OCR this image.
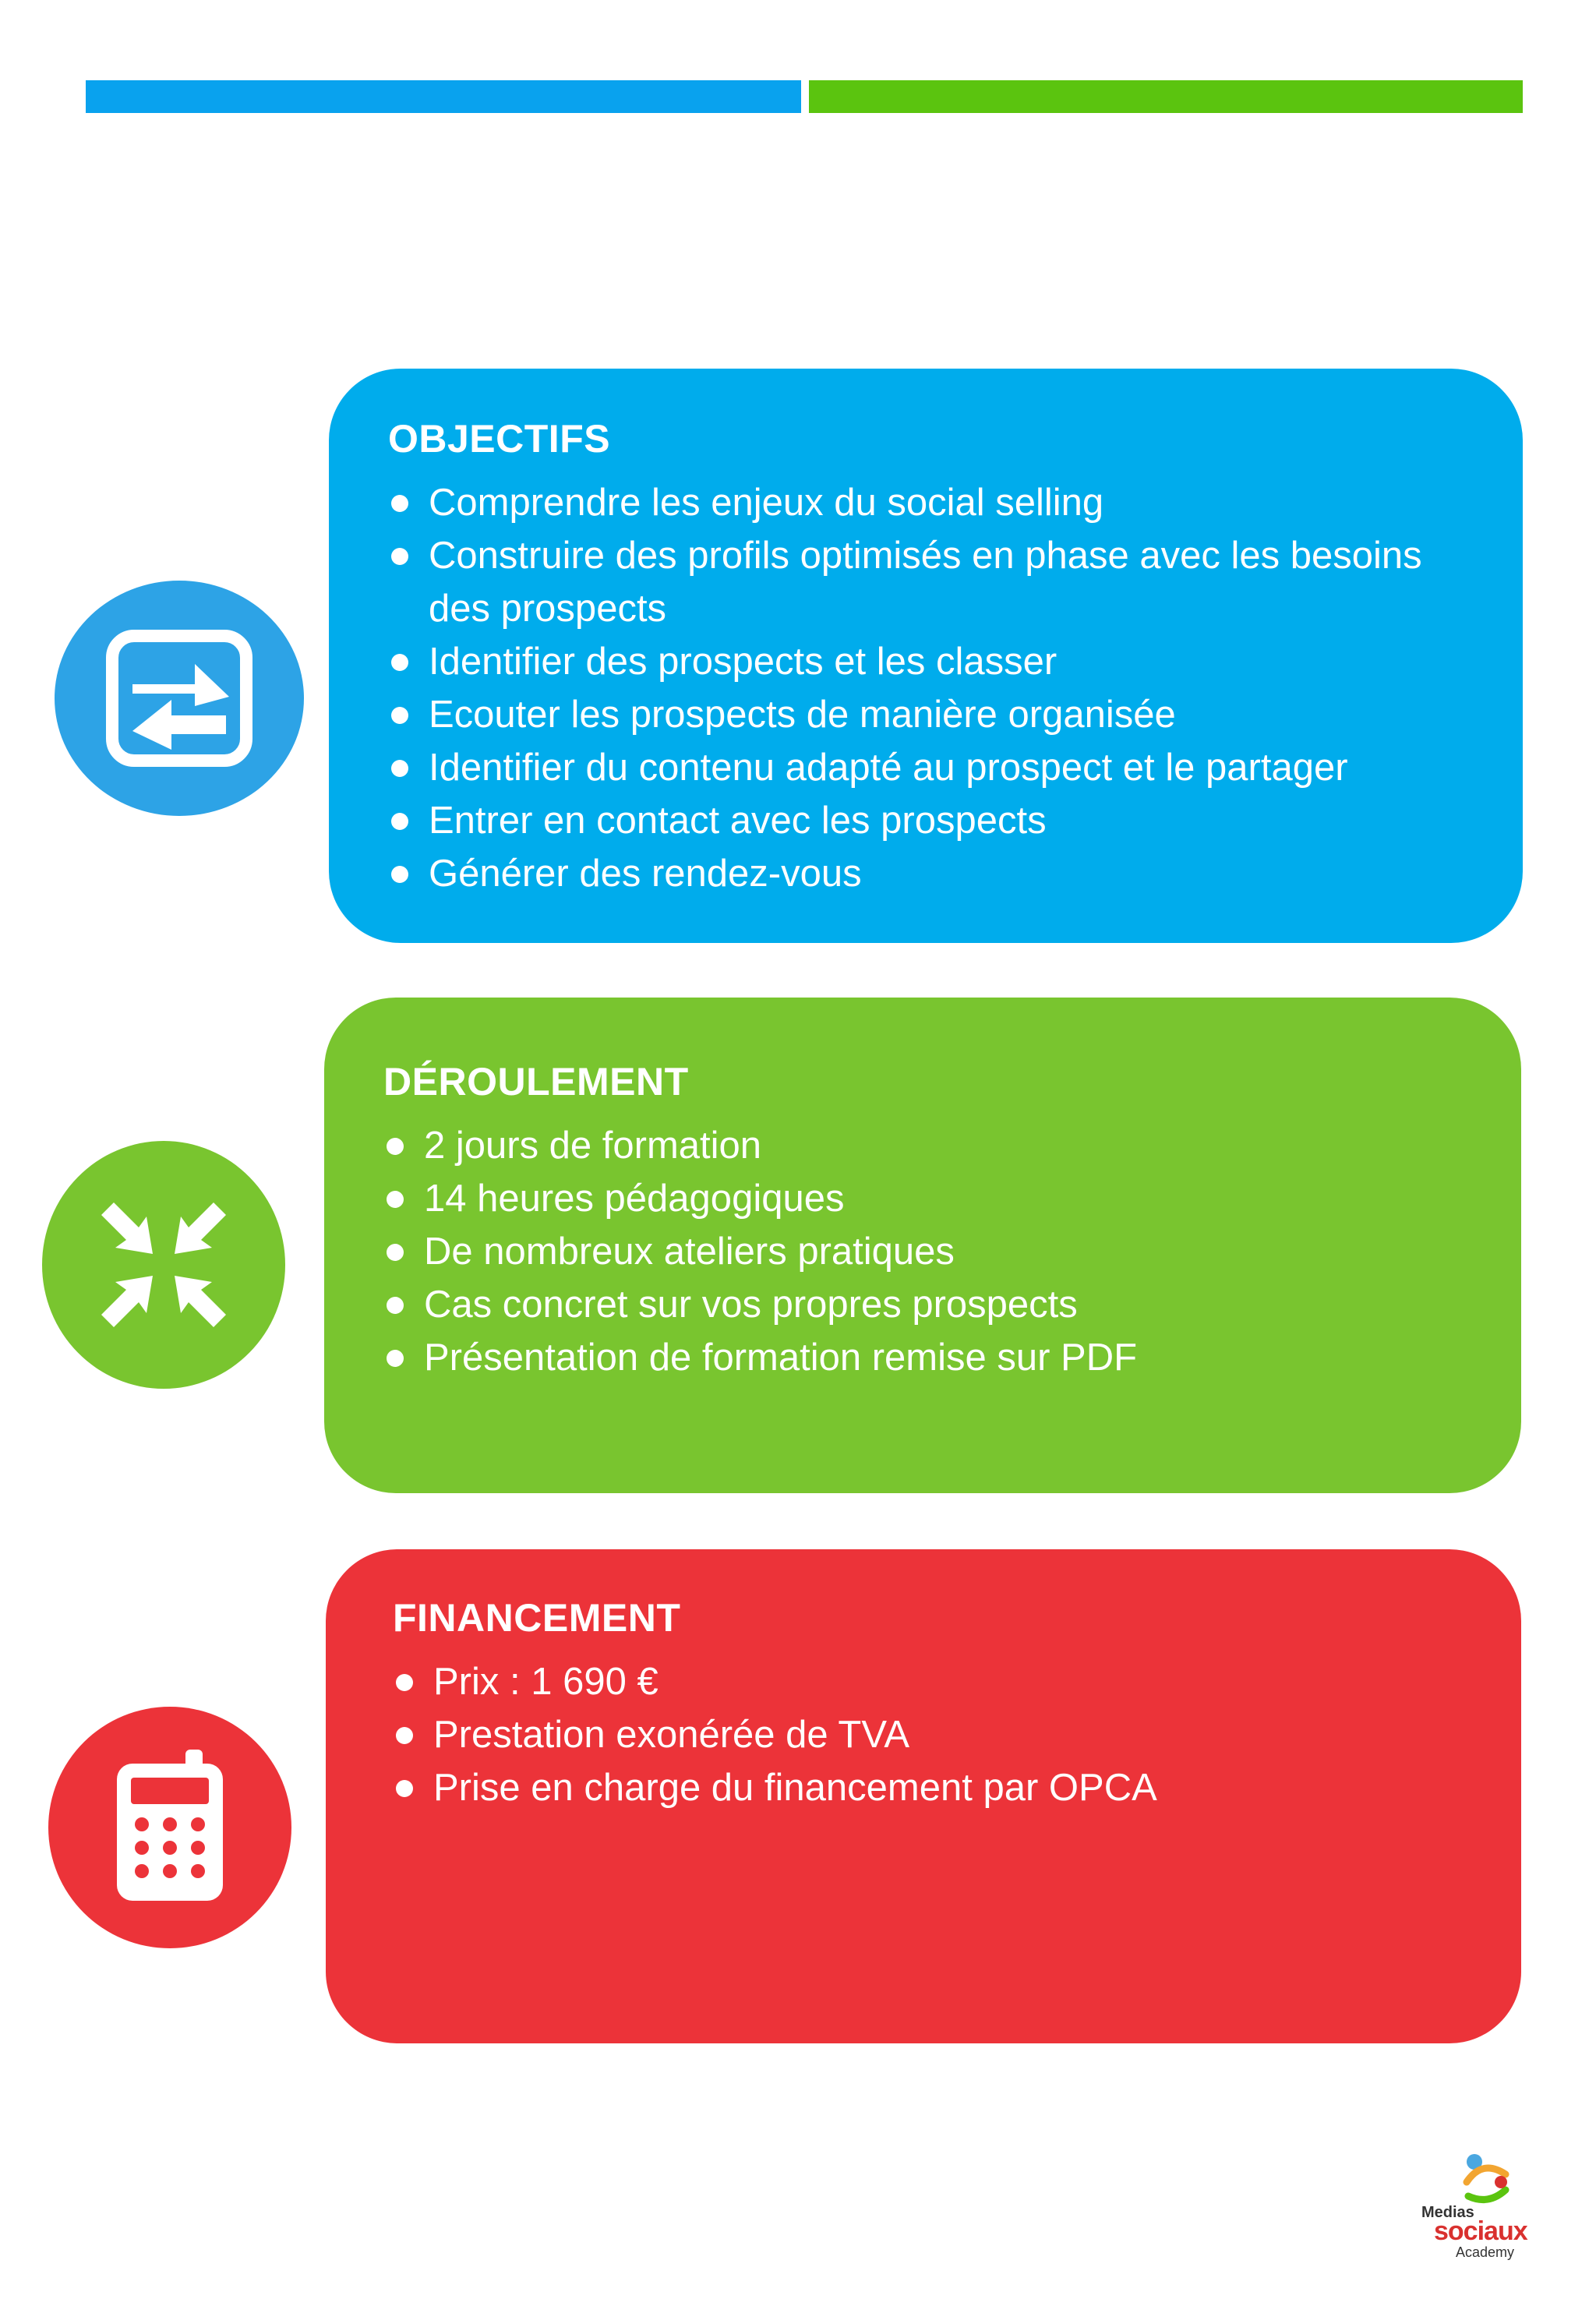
OBJECTIFS
Comprendre les enjeux du social selling
Construire des profils optimisés en phase avec les besoins des prospects
Identifier des prospects et les classer
Ecouter les prospects de manière organisée
Identifier du contenu adapté au prospect et le partager
Entrer en contact avec les prospects
Générer des rendez-vous
DÉROULEMENT
2 jours de formation
14 heures pédagogiques
De nombreux ateliers pratiques
Cas concret sur vos propres prospects
Présentation de formation remise sur PDF
FINANCEMENT
Prix : 1 690 €
Prestation exonérée de TVA
Prise en charge du financement par OPCA
Medias
sociaux
Academy
